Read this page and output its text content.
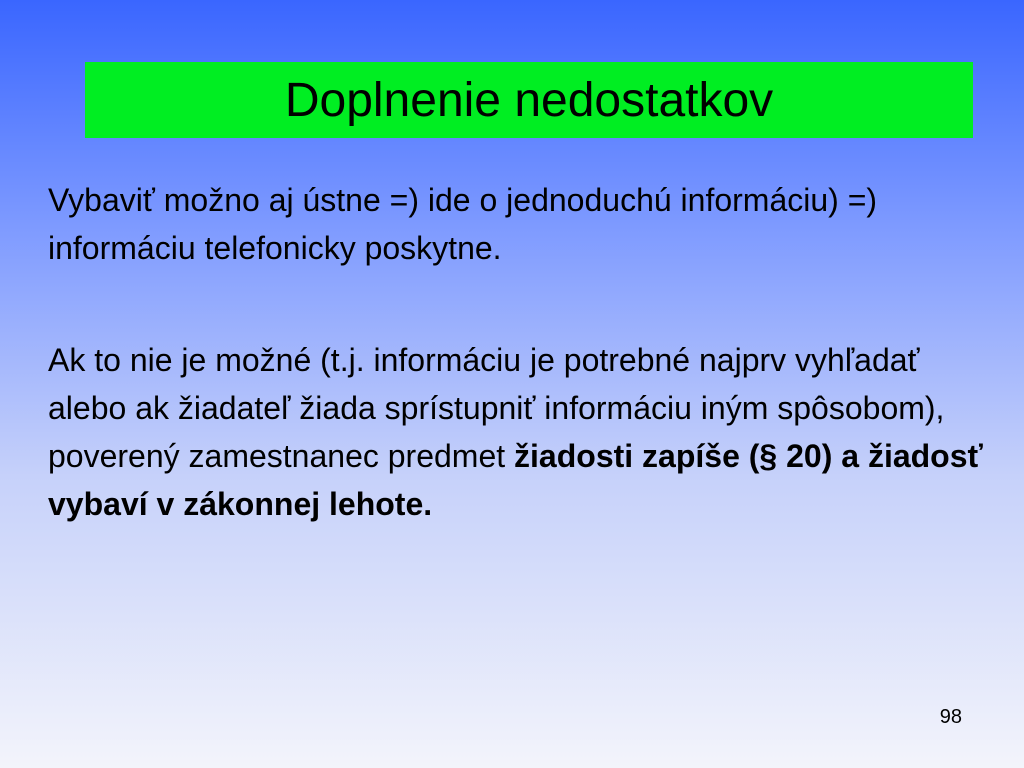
Doplnenie nedostatkov

Vybaviť možno aj ústne =) ide o jednoduchú informáciu) =) informáciu telefonicky poskytne.

Ak to nie je možné (t.j. informáciu je potrebné najprv vyhľadať alebo ak žiadateľ žiada sprístupniť informáciu iným spôsobom), poverený zamestnanec predmet žiadosti zapíše (§ 20) a žiadosť vybaví v zákonnej lehote.

98
